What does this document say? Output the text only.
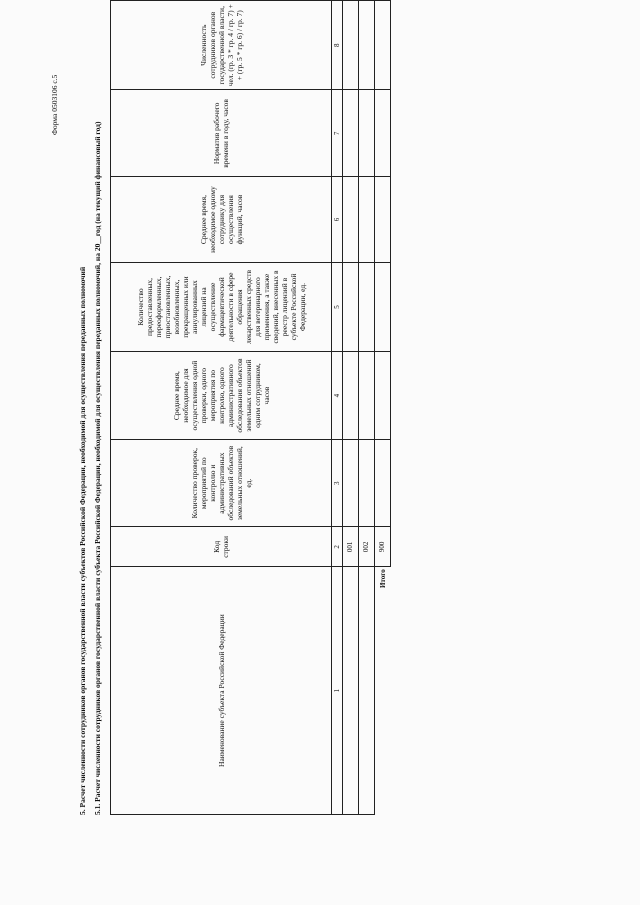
Форма 0503106 с.5
5. Расчет численности сотрудников органов государственной власти субъектов Российской Федерации, необходимой для осуществления переданных полномочий 5.1. Расчет численности сотрудников органов государственной власти субъекта Российской Федерации, необходимой для осуществления переданных полномочий, на 20__год (на текущий финансовый год)	Наименование субъекта Российской Федерации	Код строки	Количество проверок, мероприятий по контролю и административных обследований объектов земельных отношений, ед.	Среднее время, необходимое для осуществления одной проверки, одного мероприятия по контролю, одного административного обследования объектов земельных отношений одним сотрудником, часов	Количество предоставленных, переоформленных, приостановленных, возобновленных, прекращенных или аннулированных лицензий на осуществление фармацевтической деятельности в сфере обращения лекарственных средств для ветеринарного применения, а также сведений, внесенных в реестр лицензий в субъекте Российской Федерации, ед.	Среднее время, необходимое одному сотруднику для осуществления функций, часов	Норматив рабочего времени в году, часов	Численность сотрудников органов государственной власти, чел. (гр. 3 * гр. 4 / гр. 7) + + (гр. 5 * гр. 6) / гр. 7)
1	2	3	4	5	6	7	8
	001						
	002						
Итого	900						
